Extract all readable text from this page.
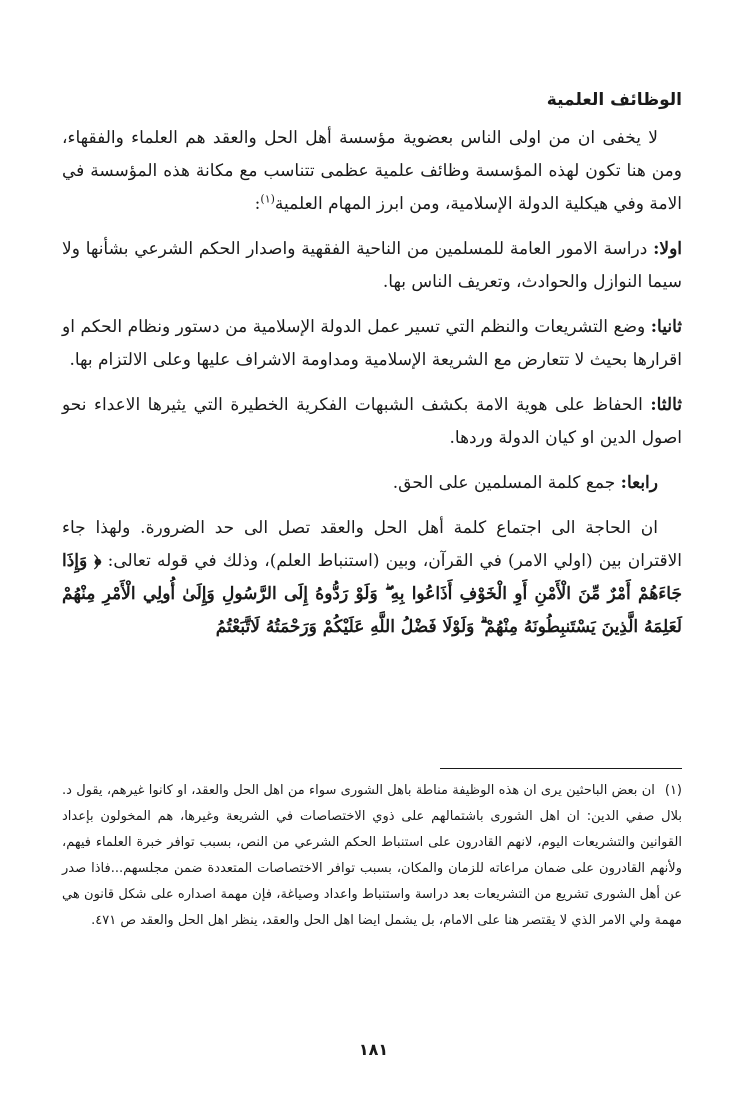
الوظائف العلمية

لا يخفى ان من اولى الناس بعضوية مؤسسة أهل الحل والعقد هم العلماء والفقهاء، ومن هنا تكون لهذه المؤسسة وظائف علمية عظمى تتناسب مع مكانة هذه المؤسسة في الامة وفي هيكلية الدولة الإسلامية، ومن ابرز المهام العلمية$^{(١)}$:

اولا: دراسة الامور العامة للمسلمين من الناحية الفقهية واصدار الحكم الشرعي بشأنها ولا سيما النوازل والحوادث، وتعريف الناس بها.

ثانيا: وضع التشريعات والنظم التي تسير عمل الدولة الإسلامية من دستور ونظام الحكم او اقرارها بحيث لا تتعارض مع الشريعة الإسلامية ومداومة الاشراف عليها وعلى الالتزام بها.

ثالثا: الحفاظ على هوية الامة بكشف الشبهات الفكرية الخطيرة التي يثيرها الاعداء نحو اصول الدين او كيان الدولة وردها.

رابعا: جمع كلمة المسلمين على الحق.

ان الحاجة الى اجتماع كلمة أهل الحل والعقد تصل الى حد الضرورة. ولهذا جاء الاقتران بين (اولي الامر) في القرآن، وبين (استنباط العلم)، وذلك في قوله تعالى: ﴿ وَإِذَا جَاءَهُمْ أَمْرٌ مِّنَ الْأَمْنِ أَوِ الْخَوْفِ أَذَاعُوا بِهِ ۖ وَلَوْ رَدُّوهُ إِلَى الرَّسُولِ وَإِلَىٰ أُولِي الْأَمْرِ مِنْهُمْ لَعَلِمَهُ الَّذِينَ يَسْتَنبِطُونَهُ مِنْهُمْ ۗ وَلَوْلَا فَضْلُ اللَّهِ عَلَيْكُمْ وَرَحْمَتُهُ لَاتَّبَعْتُمُ

(١)ان بعض الباحثين يرى ان هذه الوظيفة مناطة باهل الشورى سواء من اهل الحل والعقد، او كانوا غيرهم، يقول د. بلال صفي الدين: ان اهل الشورى باشتمالهم على ذوي الاختصاصات في الشريعة وغيرها، هم المخولون بإعداد القوانين والتشريعات اليوم، لانهم القادرون على استنباط الحكم الشرعي من النص، بسبب توافر خبرة العلماء فيهم، ولأنهم القادرون على ضمان مراعاته للزمان والمكان، بسبب توافر الاختصاصات المتعددة ضمن مجلسهم...فاذا صدر عن أهل الشورى تشريع من التشريعات بعد دراسة واستنباط واعداد وصياغة، فإن مهمة اصداره على شكل قانون هي مهمة ولي الامر الذي لا يقتصر هنا على الامام، بل يشمل ايضا اهل الحل والعقد، ينظر اهل الحل والعقد ص ٤٧١.
١٨١
